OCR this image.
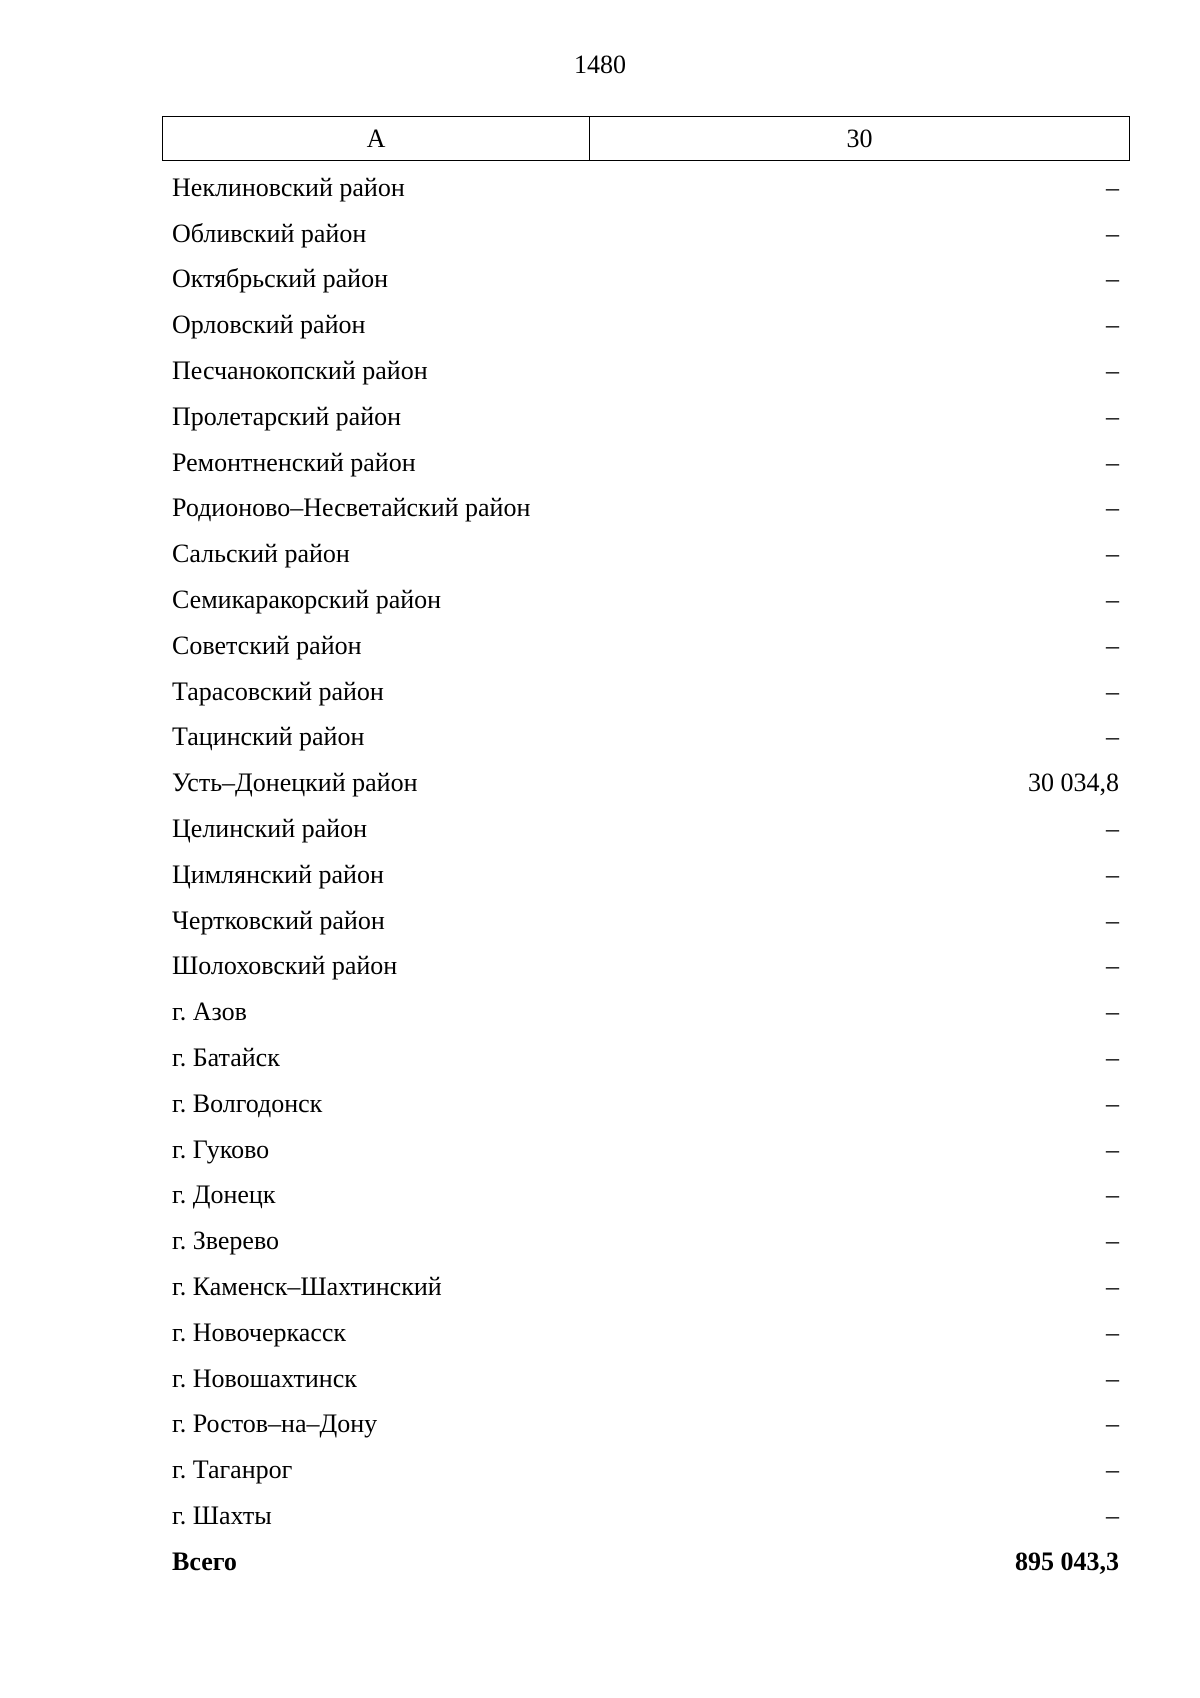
1480
А	30
Неклиновский район	–
Обливский район	–
Октябрьский район	–
Орловский район	–
Песчанокопский район	–
Пролетарский район	–
Ремонтненский район	–
Родионово–Несветайский район	–
Сальский район	–
Семикаракорский район	–
Советский район	–
Тарасовский район	–
Тацинский район	–
Усть–Донецкий район	30 034,8
Целинский район	–
Цимлянский район	–
Чертковский район	–
Шолоховский район	–
г. Азов	–
г. Батайск	–
г. Волгодонск	–
г. Гуково	–
г. Донецк	–
г. Зверево	–
г. Каменск–Шахтинский	–
г. Новочеркасск	–
г. Новошахтинск	–
г. Ростов–на–Дону	–
г. Таганрог	–
г. Шахты	–
Всего	895 043,3
